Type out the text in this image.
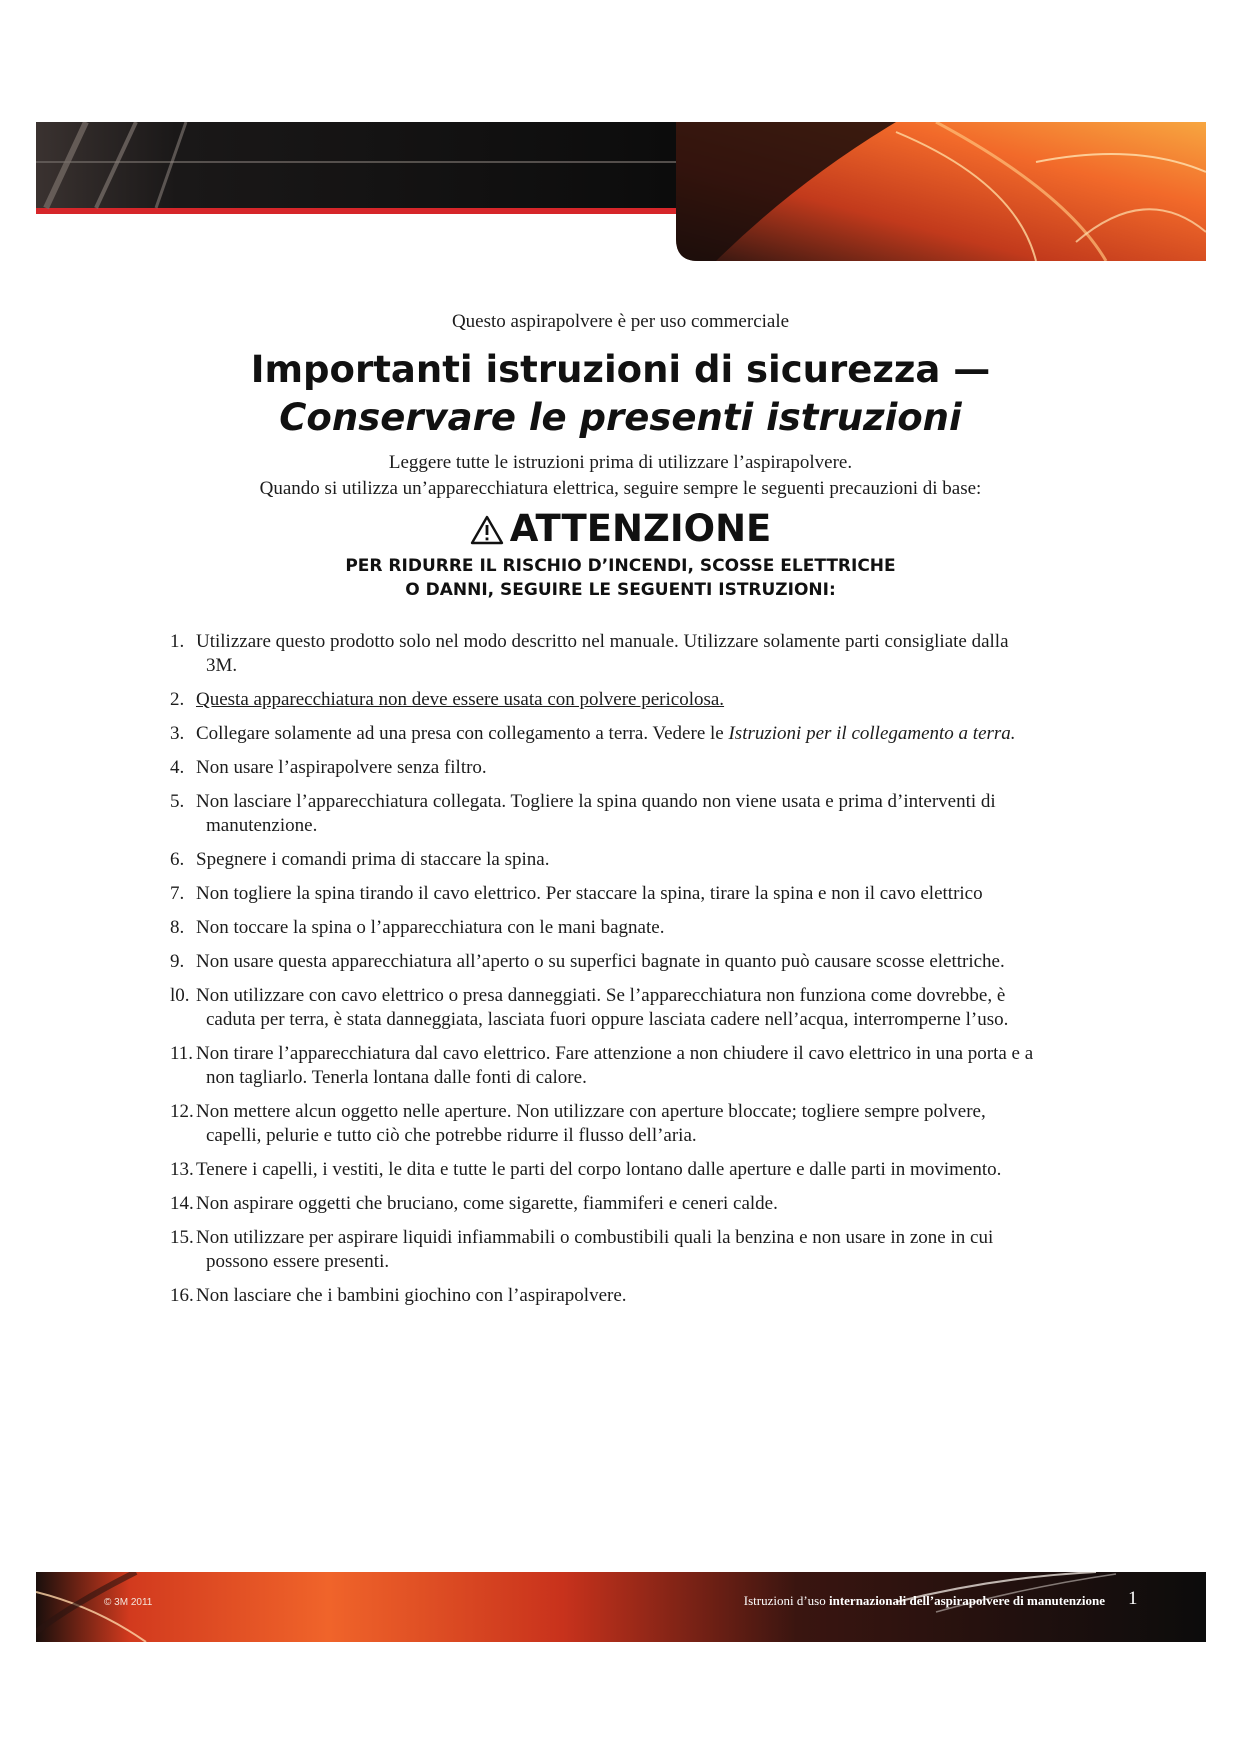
Questo aspirapolvere è per uso commerciale
Importanti istruzioni di sicurezza —
Conservare le presenti istruzioni
Leggere tutte le istruzioni prima di utilizzare l’aspirapolvere.
Quando si utilizza un’apparecchiatura elettrica, seguire sempre le seguenti precauzioni di base:
ATTENZIONE
PER RIDURRE IL RISCHIO D’INCENDI, SCOSSE ELETTRICHE
O DANNI, SEGUIRE LE SEGUENTI ISTRUZIONI:
1. Utilizzare questo prodotto solo nel modo descritto nel manuale. Utilizzare solamente parti consigliate dalla
3M.
2. Questa apparecchiatura non deve essere usata con polvere pericolosa.
3. Collegare solamente ad una presa con collegamento a terra. Vedere le Istruzioni per il collegamento a terra.
4. Non usare l’aspirapolvere senza filtro.
5. Non lasciare l’apparecchiatura collegata. Togliere la spina quando non viene usata e prima d’interventi di
manutenzione.
6. Spegnere i comandi prima di staccare la spina.
7. Non togliere la spina tirando il cavo elettrico. Per staccare la spina, tirare la spina e non il cavo elettrico
8. Non toccare la spina o l’apparecchiatura con le mani bagnate.
9. Non usare questa apparecchiatura all’aperto o su superfici bagnate in quanto può causare scosse elettriche.
l0. Non utilizzare con cavo elettrico o presa danneggiati. Se l’apparecchiatura non funziona come dovrebbe, è
caduta per terra, è stata danneggiata, lasciata fuori oppure lasciata cadere nell’acqua, interromperne l’uso.
11. Non tirare l’apparecchiatura dal cavo elettrico. Fare attenzione a non chiudere il cavo elettrico in una porta e a
non tagliarlo. Tenerla lontana dalle fonti di calore.
12. Non mettere alcun oggetto nelle aperture. Non utilizzare con aperture bloccate; togliere sempre polvere,
capelli, pelurie e tutto ciò che potrebbe ridurre il flusso dell’aria.
13. Tenere i capelli, i vestiti, le dita e tutte le parti del corpo lontano dalle aperture e dalle parti in movimento.
14. Non aspirare oggetti che bruciano, come sigarette, fiammiferi e ceneri calde.
15. Non utilizzare per aspirare liquidi infiammabili o combustibili quali la benzina e non usare in zone in cui
possono essere presenti.
16. Non lasciare che i bambini giochino con l’aspirapolvere.
© 3M 2011	Istruzioni d’uso internazionali dell’aspirapolvere di manutenzione 1
